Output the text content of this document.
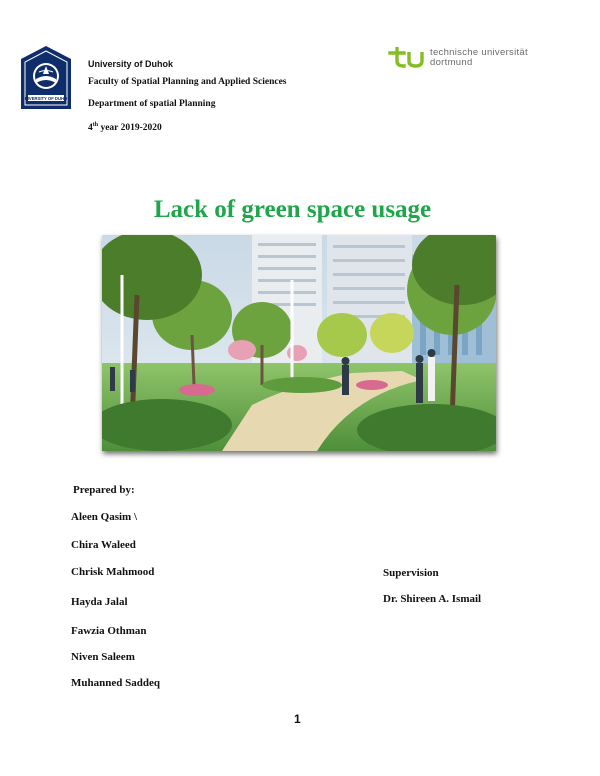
UNIVERSITY OF DUHOK
University of Duhok
Faculty of Spatial Planning and Applied Sciences
Department of spatial Planning
4th year 2019-2020
technische universität
dortmund
Lack of green space usage
Prepared by:
Aleen Qasim \
Chira Waleed
Chrisk Mahmood
Hayda Jalal
Fawzia Othman
Niven Saleem
Muhanned Saddeq
Supervision
Dr. Shireen A. Ismail
1
